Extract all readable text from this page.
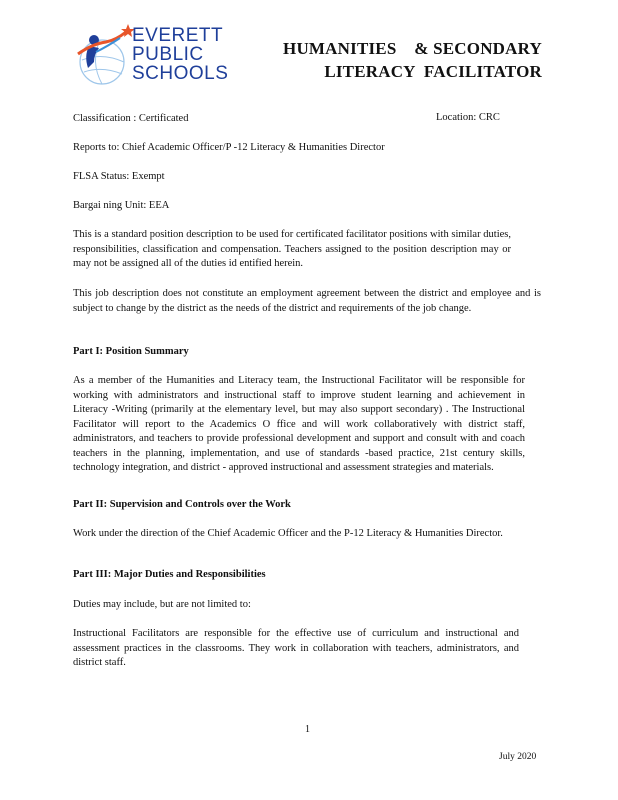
EVERETT
PUBLIC
SCHOOLS
HUMANITIES    & SECONDARY
LITERACY  FACILITATOR
Classification : Certificated	Location: CRC
Reports to: Chief Academic Officer/P -12 Literacy & Humanities Director
FLSA Status: Exempt
Bargai ning Unit: EEA
This is a standard position description to be used for certificated facilitator positions with similar duties, responsibilities, classification and compensation. Teachers assigned to the position description may or may not be assigned all of the duties id entified herein.
This job description does not constitute an employment agreement between the district and employee and is subject to change by the district as the needs of the district and requirements of the job change.
Part I: Position Summary
As a member of the Humanities and Literacy team, the Instructional Facilitator will be responsible for working with administrators and instructional staff to improve student learning and achievement in Literacy -Writing (primarily at the elementary level, but may also support secondary) . The Instructional Facilitator will report to the Academics O ffice and will work collaboratively with district staff, administrators, and teachers to provide professional development and support and consult with and coach teachers in the planning, implementation, and use of standards -based practice, 21st century skills, technology integration, and district - approved instructional and assessment strategies and materials.
Part II: Supervision and Controls over the Work
Work under the direction of the Chief Academic Officer and the P-12 Literacy & Humanities Director.
Part III: Major Duties and Responsibilities
Duties may include, but are not limited to:
Instructional Facilitators are responsible for the effective use of curriculum and instructional and assessment practices in the classrooms. They work in collaboration with teachers, administrators, and district staff.
1
July 2020
